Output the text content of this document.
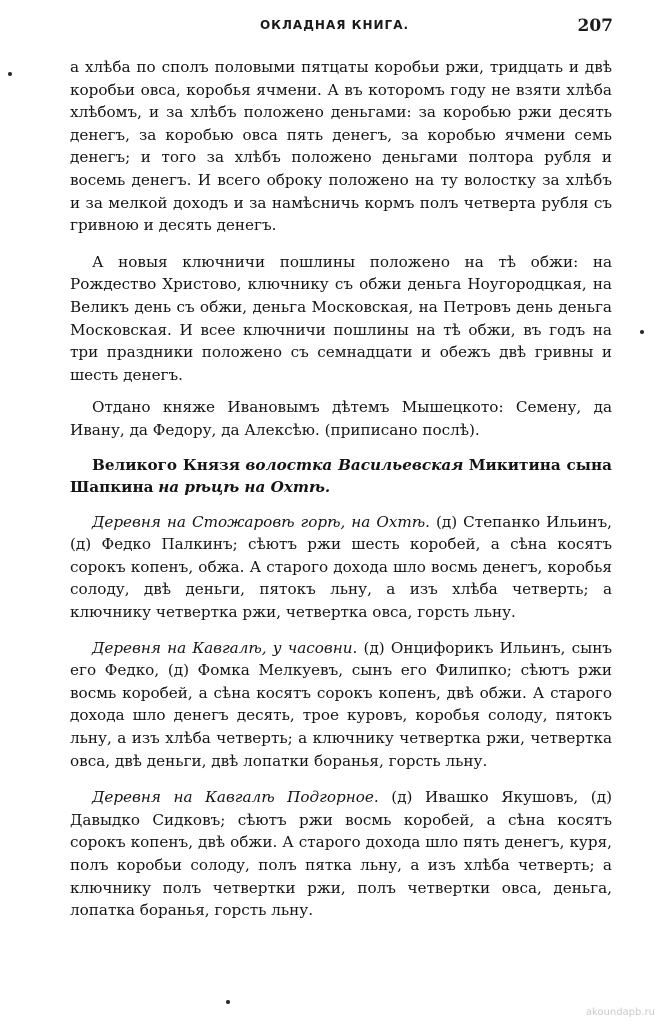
ОКЛАДНАЯ КНИГА.	207

а хлѣба по сполъ половыми пятцаты коробьи ржи, тридцать и двѣ коробьи овса, коробья ячмени. А въ которомъ году не взяти хлѣба хлѣбомъ, и за хлѣбъ положено деньгами: за коробью ржи десять денегъ, за коробью овса пять денегъ, за коробью ячмени семь денегъ; и того за хлѣбъ положено деньгами полтора рубля и восемь денегъ. И всего оброку положено на ту волостку за хлѣбъ и за мелкой доходъ и за намѣсничь кормъ полъ четверта рубля съ гривною и десять денегъ.

А новыя ключничи пошлины положено на тѣ обжи: на Рождество Христово, ключнику съ обжи деньга Ноугородцкая, на Великъ день съ обжи, деньга Московская, на Петровъ день деньга Московская. И всее ключничи пошлины на тѣ обжи, въ годъ на три праздники положено съ семнадцати и обежъ двѣ гривны и шесть денегъ.

Отдано княже Ивановымъ дѣтемъ Мышецкото: Семену, да Ивану, да Федору, да Алексѣю. (приписано послѣ).

Великого Князя волостка Васильевская Микитина сына Шапкина на рѣцѣ на Охтѣ.

Деревня на Стожаровѣ горѣ, на Охтѣ. (д) Степанко Ильинъ, (д) Федко Палкинъ; сѣютъ ржи шесть коробей, а сѣна косятъ сорокъ копенъ, обжа. А старого дохода шло восмь денегъ, коробья солоду, двѣ деньги, пятокъ льну, а изъ хлѣба четверть; а ключнику четвертка ржи, четвертка овса, горсть льну.

Деревня на Кавгалѣ, у часовни. (д) Онцифорикъ Ильинъ, сынъ его Федко, (д) Фомка Мелкуевъ, сынъ его Филипко; сѣютъ ржи восмь коробей, а сѣна косятъ сорокъ копенъ, двѣ обжи. А старого дохода шло денегъ десять, трое куровъ, коробья солоду, пятокъ льну, а изъ хлѣба четверть; а ключнику четвертка ржи, четвертка овса, двѣ деньги, двѣ лопатки боранья, горсть льну.

Деревня на Кавгалѣ Подгорное. (д) Ивашко Якушовъ, (д) Давыдко Сидковъ; сѣютъ ржи восмь коробей, а сѣна косятъ сорокъ копенъ, двѣ обжи. А старого дохода шло пять денегъ, куря, полъ коробьи солоду, полъ пятка льну, а изъ хлѣба четверть; а ключнику полъ четвертки ржи, полъ четвертки овса, деньга, лопатка боранья, горсть льну.

akoundapb.ru
